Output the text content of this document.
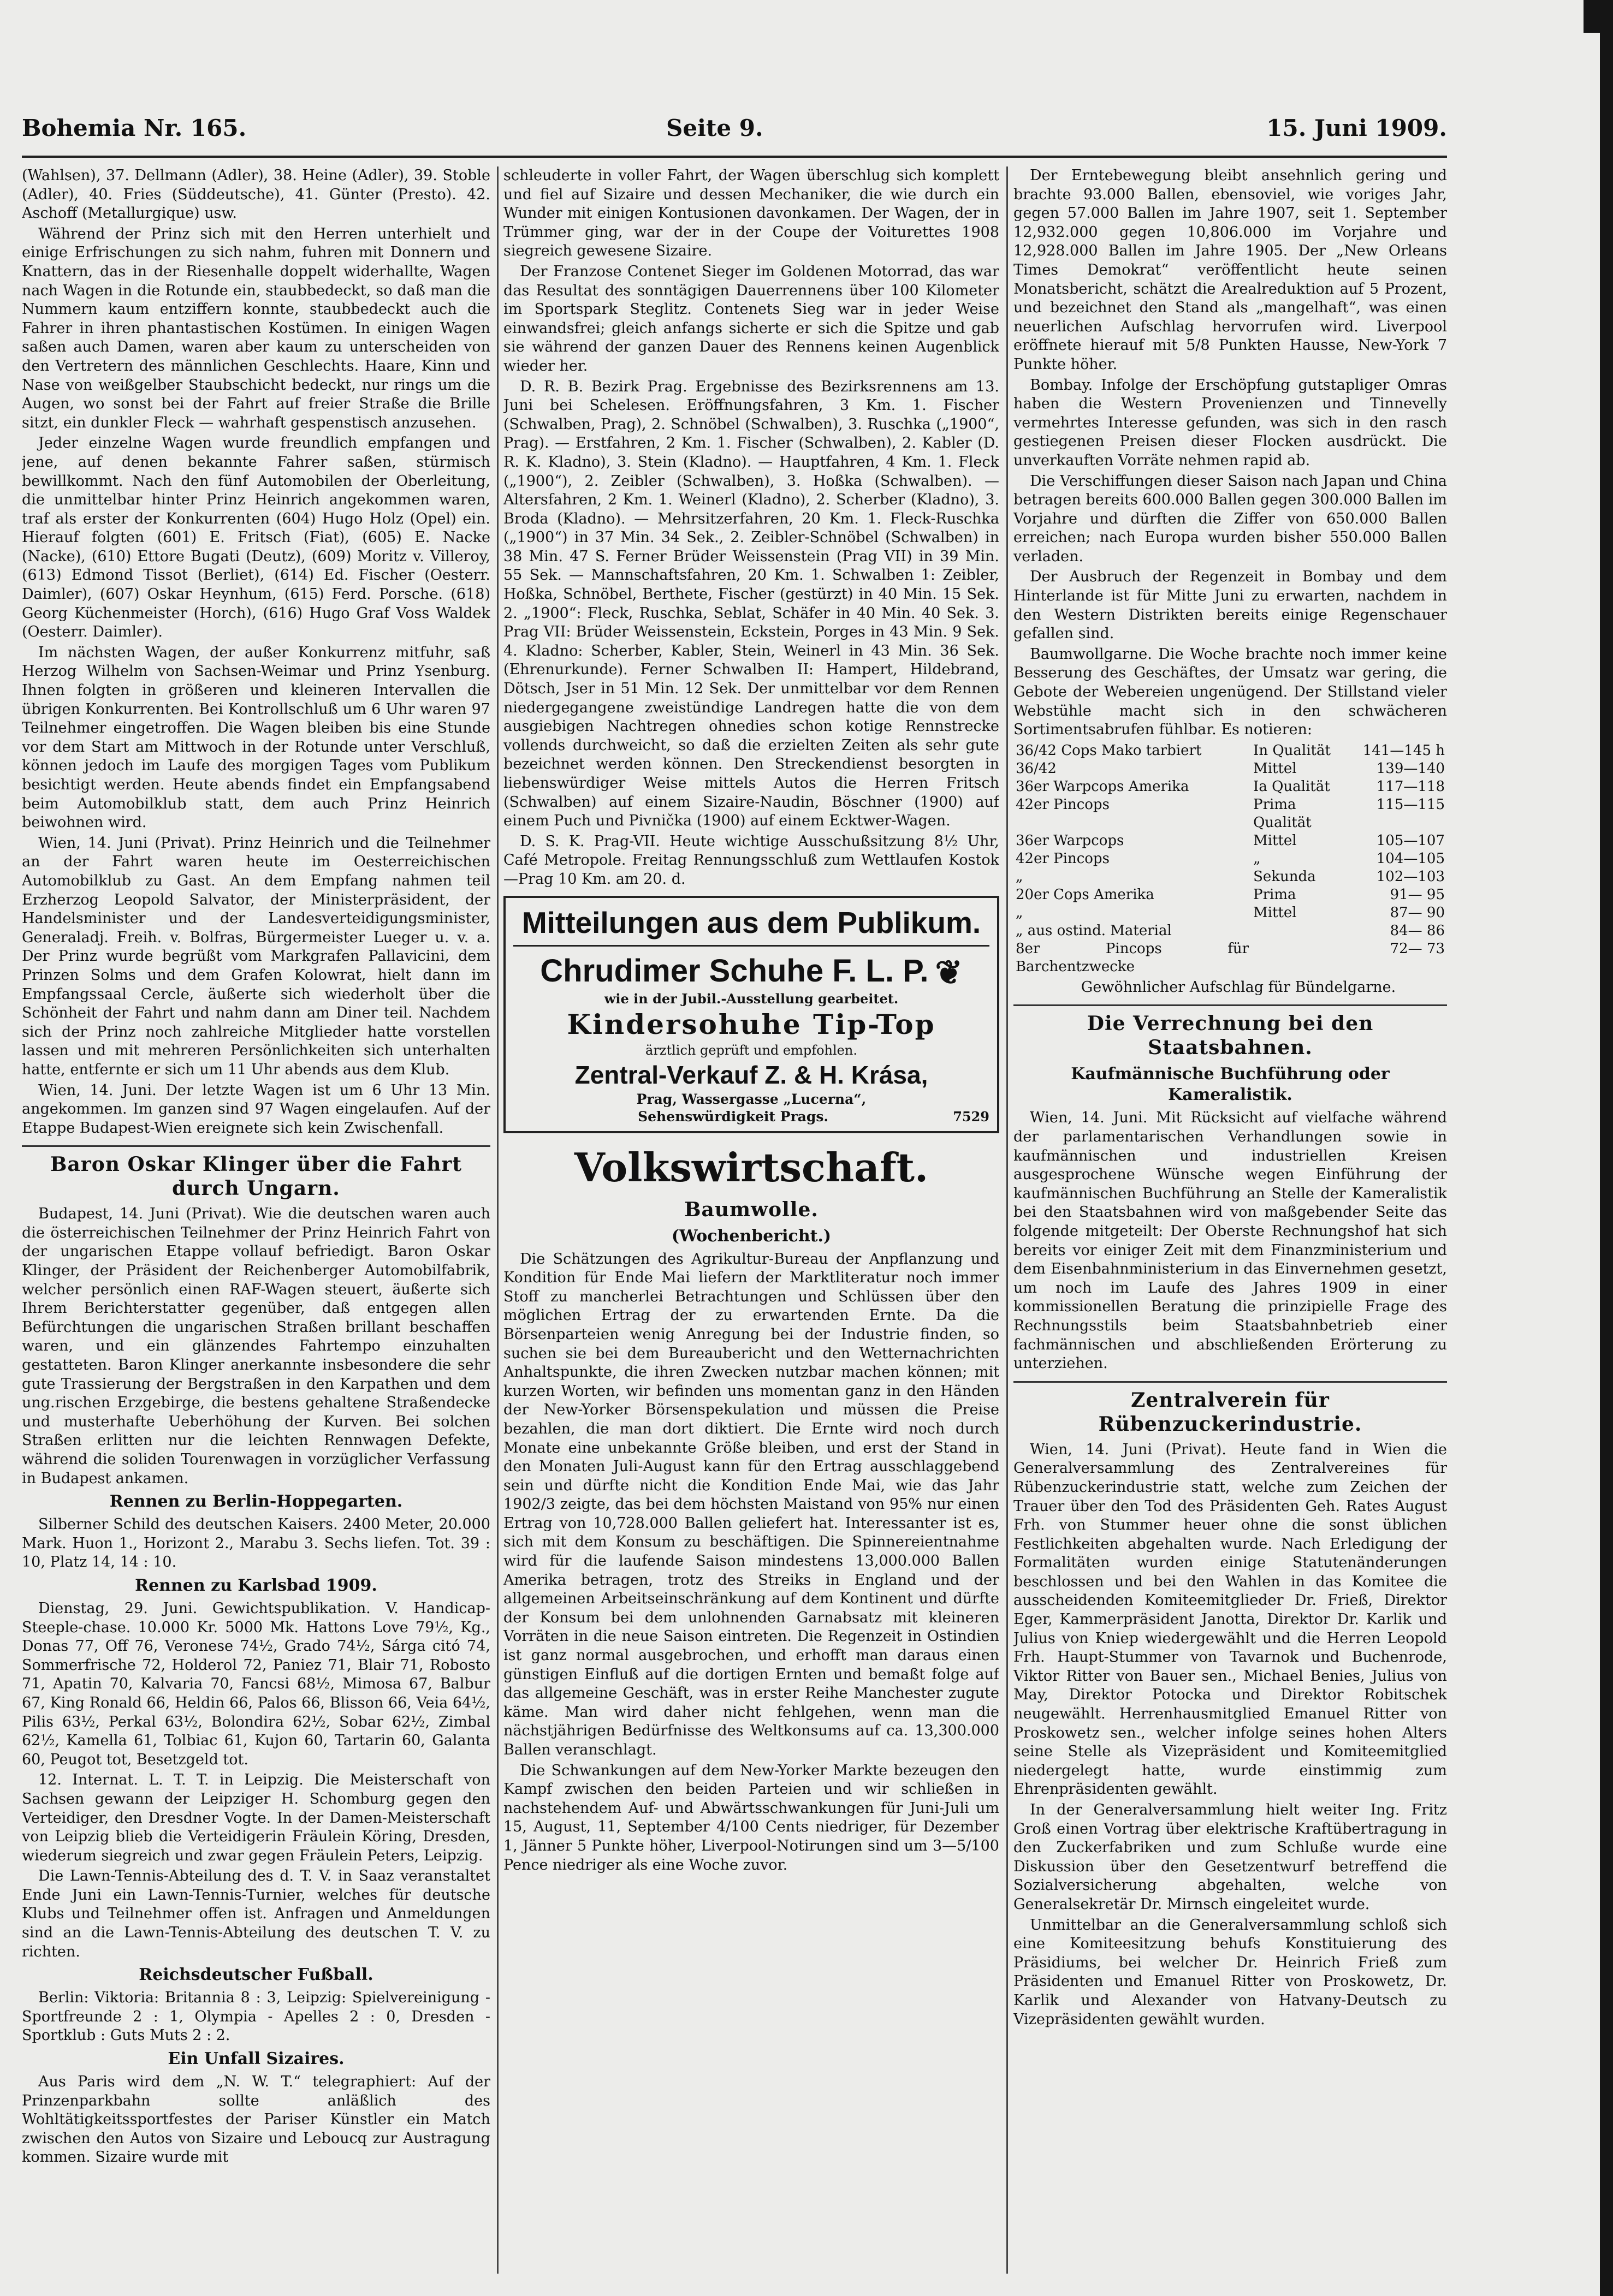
Bohemia Nr. 165.	Seite 9.	15. Juni 1909.

(Wahlsen), 37. Dellmann (Adler), 38. Heine (Adler), 39. Stoble (Adler), 40. Fries (Süddeutsche), 41. Günter (Presto). 42. Aschoff (Metallurgique) usw.

Während der Prinz sich mit den Herren unterhielt und einige Erfrischungen zu sich nahm, fuhren mit Donnern und Knattern, das in der Riesenhalle doppelt widerhallte, Wagen nach Wagen in die Rotunde ein, staubbedeckt, so daß man die Nummern kaum entziffern konnte, staubbedeckt auch die Fahrer in ihren phantastischen Kostümen. In einigen Wagen saßen auch Damen, waren aber kaum zu unterscheiden von den Vertretern des männlichen Geschlechts. Haare, Kinn und Nase von weißgelber Staubschicht bedeckt, nur rings um die Augen, wo sonst bei der Fahrt auf freier Straße die Brille sitzt, ein dunkler Fleck — wahrhaft gespenstisch anzusehen.

Jeder einzelne Wagen wurde freundlich empfangen und jene, auf denen bekannte Fahrer saßen, stürmisch bewillkommt. Nach den fünf Automobilen der Oberleitung, die unmittelbar hinter Prinz Heinrich angekommen waren, traf als erster der Konkurrenten (604) Hugo Holz (Opel) ein. Hierauf folgten (601) E. Fritsch (Fiat), (605) E. Nacke (Nacke), (610) Ettore Bugati (Deutz), (609) Moritz v. Villeroy, (613) Edmond Tissot (Berliet), (614) Ed. Fischer (Oesterr. Daimler), (607) Oskar Heynhum, (615) Ferd. Porsche. (618) Georg Küchenmeister (Horch), (616) Hugo Graf Voss Waldek (Oesterr. Daimler).

Im nächsten Wagen, der außer Konkurrenz mitfuhr, saß Herzog Wilhelm von Sachsen-Weimar und Prinz Ysenburg. Ihnen folgten in größeren und kleineren Intervallen die übrigen Konkurrenten. Bei Kontrollschluß um 6 Uhr waren 97 Teilnehmer eingetroffen. Die Wagen bleiben bis eine Stunde vor dem Start am Mittwoch in der Rotunde unter Verschluß, können jedoch im Laufe des morgigen Tages vom Publikum besichtigt werden. Heute abends findet ein Empfangsabend beim Automobilklub statt, dem auch Prinz Heinrich beiwohnen wird.

Wien, 14. Juni (Privat). Prinz Heinrich und die Teilnehmer an der Fahrt waren heute im Oesterreichischen Automobilklub zu Gast. An dem Empfang nahmen teil Erzherzog Leopold Salvator, der Ministerpräsident, der Handelsminister und der Landesverteidigungsminister, Generaladj. Freih. v. Bolfras, Bürgermeister Lueger u. v. a. Der Prinz wurde begrüßt vom Markgrafen Pallavicini, dem Prinzen Solms und dem Grafen Kolowrat, hielt dann im Empfangssaal Cercle, äußerte sich wiederholt über die Schönheit der Fahrt und nahm dann am Diner teil. Nachdem sich der Prinz noch zahlreiche Mitglieder hatte vorstellen lassen und mit mehreren Persönlichkeiten sich unterhalten hatte, entfernte er sich um 11 Uhr abends aus dem Klub.

Wien, 14. Juni. Der letzte Wagen ist um 6 Uhr 13 Min. angekommen. Im ganzen sind 97 Wagen eingelaufen. Auf der Etappe Budapest-Wien ereignete sich kein Zwischenfall.

Baron Oskar Klinger über die Fahrt durch Ungarn.

Budapest, 14. Juni (Privat). Wie die deutschen waren auch die österreichischen Teilnehmer der Prinz Heinrich Fahrt von der ungarischen Etappe vollauf befriedigt. Baron Oskar Klinger, der Präsident der Reichenberger Automobilfabrik, welcher persönlich einen RAF-Wagen steuert, äußerte sich Ihrem Berichterstatter gegenüber, daß entgegen allen Befürchtungen die ungarischen Straßen brillant beschaffen waren, und ein glänzendes Fahrtempo einzuhalten gestatteten. Baron Klinger anerkannte insbesondere die sehr gute Trassierung der Bergstraßen in den Karpathen und dem ung.rischen Erzgebirge, die bestens gehaltene Straßendecke und musterhafte Ueberhöhung der Kurven. Bei solchen Straßen erlitten nur die leichten Rennwagen Defekte, während die soliden Tourenwagen in vorzüglicher Verfassung in Budapest ankamen.

Rennen zu Berlin-Hoppegarten.

Silberner Schild des deutschen Kaisers. 2400 Meter, 20.000 Mark. Huon 1., Horizont 2., Marabu 3. Sechs liefen. Tot. 39 : 10, Platz 14, 14 : 10.

Rennen zu Karlsbad 1909.

Dienstag, 29. Juni. Gewichtspublikation. V. Handicap-Steeple-chase. 10.000 Kr. 5000 Mk. Hattons Love 79½, Kg., Donas 77, Off 76, Veronese 74½, Grado 74½, Sárga citó 74, Sommerfrische 72, Holderol 72, Paniez 71, Blair 71, Robosto 71, Apatin 70, Kalvaria 70, Fancsi 68½, Mimosa 67, Balbur 67, King Ronald 66, Heldin 66, Palos 66, Blisson 66, Veia 64½, Pilis 63½, Perkal 63½, Bolondira 62½, Sobar 62½, Zimbal 62½, Kamella 61, Tolbiac 61, Kujon 60, Tartarin 60, Galanta 60, Peugot tot, Besetzgeld tot.

12. Internat. L. T. T. in Leipzig. Die Meisterschaft von Sachsen gewann der Leipziger H. Schomburg gegen den Verteidiger, den Dresdner Vogte. In der Damen-Meisterschaft von Leipzig blieb die Verteidigerin Fräulein Köring, Dresden, wiederum siegreich und zwar gegen Fräulein Peters, Leipzig.

Die Lawn-Tennis-Abteilung des d. T. V. in Saaz veranstaltet Ende Juni ein Lawn-Tennis-Turnier, welches für deutsche Klubs und Teilnehmer offen ist. Anfragen und Anmeldungen sind an die Lawn-Tennis-Abteilung des deutschen T. V. zu richten.

Reichsdeutscher Fußball.

Berlin: Viktoria: Britannia 8 : 3, Leipzig: Spielvereinigung - Sportfreunde 2 : 1, Olympia - Apelles 2 : 0, Dresden - Sportklub : Guts Muts 2 : 2.

Ein Unfall Sizaires.

Aus Paris wird dem „N. W. T.“ telegraphiert: Auf der Prinzenparkbahn sollte anläßlich des Wohltätigkeitssportfestes der Pariser Künstler ein Match zwischen den Autos von Sizaire und Leboucq zur Austragung kommen. Sizaire wurde mit

schleuderte in voller Fahrt, der Wagen überschlug sich komplett und fiel auf Sizaire und dessen Mechaniker, die wie durch ein Wunder mit einigen Kontusionen davonkamen. Der Wagen, der in Trümmer ging, war der in der Coupe der Voiturettes 1908 siegreich gewesene Sizaire.

Der Franzose Contenet Sieger im Goldenen Motorrad, das war das Resultat des sonntägigen Dauerrennens über 100 Kilometer im Sportspark Steglitz. Contenets Sieg war in jeder Weise einwandsfrei; gleich anfangs sicherte er sich die Spitze und gab sie während der ganzen Dauer des Rennens keinen Augenblick wieder her.

D. R. B. Bezirk Prag. Ergebnisse des Bezirksrennens am 13. Juni bei Schelesen. Eröffnungsfahren, 3 Km. 1. Fischer (Schwalben, Prag), 2. Schnöbel (Schwalben), 3. Ruschka („1900“, Prag). — Erstfahren, 2 Km. 1. Fischer (Schwalben), 2. Kabler (D. R. K. Kladno), 3. Stein (Kladno). — Hauptfahren, 4 Km. 1. Fleck („1900“), 2. Zeibler (Schwalben), 3. Hoßka (Schwalben). — Altersfahren, 2 Km. 1. Weinerl (Kladno), 2. Scherber (Kladno), 3. Broda (Kladno). — Mehrsitzerfahren, 20 Km. 1. Fleck-Ruschka („1900“) in 37 Min. 34 Sek., 2. Zeibler-Schnöbel (Schwalben) in 38 Min. 47 S. Ferner Brüder Weissenstein (Prag VII) in 39 Min. 55 Sek. — Mannschaftsfahren, 20 Km. 1. Schwalben 1: Zeibler, Hoßka, Schnöbel, Berthete, Fischer (gestürzt) in 40 Min. 15 Sek. 2. „1900“: Fleck, Ruschka, Seblat, Schäfer in 40 Min. 40 Sek. 3. Prag VII: Brüder Weissenstein, Eckstein, Porges in 43 Min. 9 Sek. 4. Kladno: Scherber, Kabler, Stein, Weinerl in 43 Min. 36 Sek. (Ehrenurkunde). Ferner Schwalben II: Hampert, Hildebrand, Dötsch, Jser in 51 Min. 12 Sek. Der unmittelbar vor dem Rennen niedergegangene zweistündige Landregen hatte die von dem ausgiebigen Nachtregen ohnedies schon kotige Rennstrecke vollends durchweicht, so daß die erzielten Zeiten als sehr gute bezeichnet werden können. Den Streckendienst besorgten in liebenswürdiger Weise mittels Autos die Herren Fritsch (Schwalben) auf einem Sizaire-Naudin, Böschner (1900) auf einem Puch und Pivnička (1900) auf einem Ecktwer-Wagen.

D. S. K. Prag-VII. Heute wichtige Ausschußsitzung 8½ Uhr, Café Metropole. Freitag Rennungsschluß zum Wettlaufen Kostok—Prag 10 Km. am 20. d.

Mitteilungen aus dem Publikum.
Chrudimer Schuhe F. L. P. ❦
wie in der Jubil.-Ausstellung gearbeitet.
Kindersohuhe Tip-Top
ärztlich geprüft und empfohlen.
Zentral-Verkauf Z. & H. Krása,
Prag, Wassergasse „Lucerna“,
Sehenswürdigkeit Prags.	7529
Volkswirtschaft.
Baumwolle.
(Wochenbericht.)

Die Schätzungen des Agrikultur-Bureau der Anpflanzung und Kondition für Ende Mai liefern der Marktliteratur noch immer Stoff zu mancherlei Betrachtungen und Schlüssen über den möglichen Ertrag der zu erwartenden Ernte. Da die Börsenparteien wenig Anregung bei der Industrie finden, so suchen sie bei dem Bureaubericht und den Wetternachrichten Anhaltspunkte, die ihren Zwecken nutzbar machen können; mit kurzen Worten, wir befinden uns momentan ganz in den Händen der New-Yorker Börsenspekulation und müssen die Preise bezahlen, die man dort diktiert. Die Ernte wird noch durch Monate eine unbekannte Größe bleiben, und erst der Stand in den Monaten Juli-August kann für den Ertrag ausschlaggebend sein und dürfte nicht die Kondition Ende Mai, wie das Jahr 1902/3 zeigte, das bei dem höchsten Maistand von 95% nur einen Ertrag von 10,728.000 Ballen geliefert hat. Interessanter ist es, sich mit dem Konsum zu beschäftigen. Die Spinnereientnahme wird für die laufende Saison mindestens 13,000.000 Ballen Amerika betragen, trotz des Streiks in England und der allgemeinen Arbeitseinschränkung auf dem Kontinent und dürfte der Konsum bei dem unlohnenden Garnabsatz mit kleineren Vorräten in die neue Saison eintreten. Die Regenzeit in Ostindien ist ganz normal ausgebrochen, und erhofft man daraus einen günstigen Einfluß auf die dortigen Ernten und bemaßt folge auf das allgemeine Geschäft, was in erster Reihe Manchester zugute käme. Man wird daher nicht fehlgehen, wenn man die nächstjährigen Bedürfnisse des Weltkonsums auf ca. 13,300.000 Ballen veranschlagt.

Die Schwankungen auf dem New-Yorker Markte bezeugen den Kampf zwischen den beiden Parteien und wir schließen in nachstehendem Auf- und Abwärtsschwankungen für Juni-Juli um 15, August, 11, September 4/100 Cents niedriger, für Dezember 1, Jänner 5 Punkte höher, Liverpool-Notirungen sind um 3—5/100 Pence niedriger als eine Woche zuvor.

Der Erntebewegung bleibt ansehnlich gering und brachte 93.000 Ballen, ebensoviel, wie voriges Jahr, gegen 57.000 Ballen im Jahre 1907, seit 1. September 12,932.000 gegen 10,806.000 im Vorjahre und 12,928.000 Ballen im Jahre 1905. Der „New Orleans Times Demokrat“ veröffentlicht heute seinen Monatsbericht, schätzt die Arealreduktion auf 5 Prozent, und bezeichnet den Stand als „mangelhaft“, was einen neuerlichen Aufschlag hervorrufen wird. Liverpool eröffnete hierauf mit 5/8 Punkten Hausse, New-York 7 Punkte höher.

Bombay. Infolge der Erschöpfung gutstapliger Omras haben die Western Provenienzen und Tinnevelly vermehrtes Interesse gefunden, was sich in den rasch gestiegenen Preisen dieser Flocken ausdrückt. Die unverkauften Vorräte nehmen rapid ab.

Die Verschiffungen dieser Saison nach Japan und China betragen bereits 600.000 Ballen gegen 300.000 Ballen im Vorjahre und dürften die Ziffer von 650.000 Ballen erreichen; nach Europa wurden bisher 550.000 Ballen verladen.

Der Ausbruch der Regenzeit in Bombay und dem Hinterlande ist für Mitte Juni zu erwarten, nachdem in den Western Distrikten bereits einige Regenschauer gefallen sind.

Baumwollgarne. Die Woche brachte noch immer keine Besserung des Geschäftes, der Umsatz war gering, die Gebote der Webereien ungenügend. Der Stillstand vieler Webstühle macht sich in den schwächeren Sortimentsabrufen fühlbar. Es notieren:

36/42 Cops Mako tarbiert	In Qualität	141—145 h
36/42	Mittel	139—140
36er Warpcops Amerika	Ia Qualität	117—118
42er Pincops	Prima Qualität	115—115
36er Warpcops	Mittel	105—107
42er Pincops	„	104—105
„	Sekunda	102—103
20er Cops Amerika	Prima	91— 95
„	Mittel	87— 90
„ aus ostind. Material		84— 86
8er Pincops für Barchentzwecke		72— 73

Gewöhnlicher Aufschlag für Bündelgarne.

Die Verrechnung bei den Staatsbahnen.
Kaufmännische Buchführung oder Kameralistik.

Wien, 14. Juni. Mit Rücksicht auf vielfache während der parlamentarischen Verhandlungen sowie in kaufmännischen und industriellen Kreisen ausgesprochene Wünsche wegen Einführung der kaufmännischen Buchführung an Stelle der Kameralistik bei den Staatsbahnen wird von maßgebender Seite das folgende mitgeteilt: Der Oberste Rechnungshof hat sich bereits vor einiger Zeit mit dem Finanzministerium und dem Eisenbahnministerium in das Einvernehmen gesetzt, um noch im Laufe des Jahres 1909 in einer kommissionellen Beratung die prinzipielle Frage des Rechnungsstils beim Staatsbahnbetrieb einer fachmännischen und abschließenden Erörterung zu unterziehen.

Zentralverein für Rübenzuckerindustrie.

Wien, 14. Juni (Privat). Heute fand in Wien die Generalversammlung des Zentralvereines für Rübenzuckerindustrie statt, welche zum Zeichen der Trauer über den Tod des Präsidenten Geh. Rates August Frh. von Stummer heuer ohne die sonst üblichen Festlichkeiten abgehalten wurde. Nach Erledigung der Formalitäten wurden einige Statutenänderungen beschlossen und bei den Wahlen in das Komitee die ausscheidenden Komiteemitglieder Dr. Frieß, Direktor Eger, Kammerpräsident Janotta, Direktor Dr. Karlik und Julius von Kniep wiedergewählt und die Herren Leopold Frh. Haupt-Stummer von Tavarnok und Buchenrode, Viktor Ritter von Bauer sen., Michael Benies, Julius von May, Direktor Potocka und Direktor Robitschek neugewählt. Herrenhausmitglied Emanuel Ritter von Proskowetz sen., welcher infolge seines hohen Alters seine Stelle als Vizepräsident und Komiteemitglied niedergelegt hatte, wurde einstimmig zum Ehrenpräsidenten gewählt.

In der Generalversammlung hielt weiter Ing. Fritz Groß einen Vortrag über elektrische Kraftübertragung in den Zuckerfabriken und zum Schluße wurde eine Diskussion über den Gesetzentwurf betreffend die Sozialversicherung abgehalten, welche von Generalsekretär Dr. Mirnsch eingeleitet wurde.

Unmittelbar an die Generalversammlung schloß sich eine Komiteesitzung behufs Konstituierung des Präsidiums, bei welcher Dr. Heinrich Frieß zum Präsidenten und Emanuel Ritter von Proskowetz, Dr. Karlik und Alexander von Hatvany-Deutsch zu Vizepräsidenten gewählt wurden.
